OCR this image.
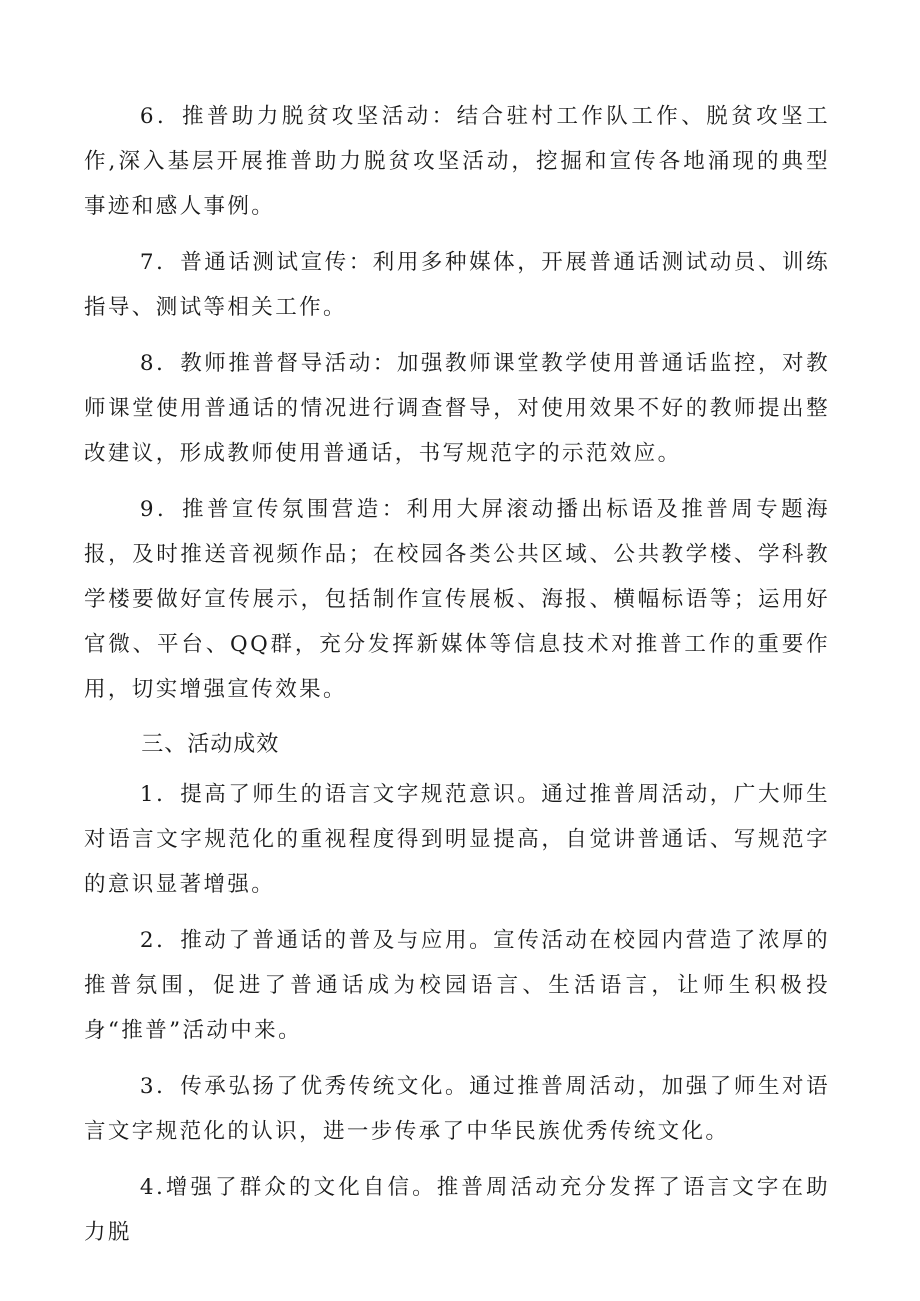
6．推普助力脱贫攻坚活动：结合驻村工作队工作、脱贫攻坚工作,深入基层开展推普助力脱贫攻坚活动，挖掘和宣传各地涌现的典型事迹和感人事例。

7．普通话测试宣传：利用多种媒体，开展普通话测试动员、训练指导、测试等相关工作。

8．教师推普督导活动：加强教师课堂教学使用普通话监控，对教师课堂使用普通话的情况进行调查督导，对使用效果不好的教师提出整改建议，形成教师使用普通话，书写规范字的示范效应。

9．推普宣传氛围营造：利用大屏滚动播出标语及推普周专题海报，及时推送音视频作品；在校园各类公共区域、公共教学楼、学科教学楼要做好宣传展示，包括制作宣传展板、海报、横幅标语等；运用好官微、平台、QQ群，充分发挥新媒体等信息技术对推普工作的重要作用，切实增强宣传效果。

三、活动成效

1．提高了师生的语言文字规范意识。通过推普周活动，广大师生对语言文字规范化的重视程度得到明显提高，自觉讲普通话、写规范字的意识显著增强。

2．推动了普通话的普及与应用。宣传活动在校园内营造了浓厚的推普氛围，促进了普通话成为校园语言、生活语言，让师生积极投身“推普”活动中来。

3．传承弘扬了优秀传统文化。通过推普周活动，加强了师生对语言文字规范化的认识，进一步传承了中华民族优秀传统文化。

4.增强了群众的文化自信。推普周活动充分发挥了语言文字在助力脱
